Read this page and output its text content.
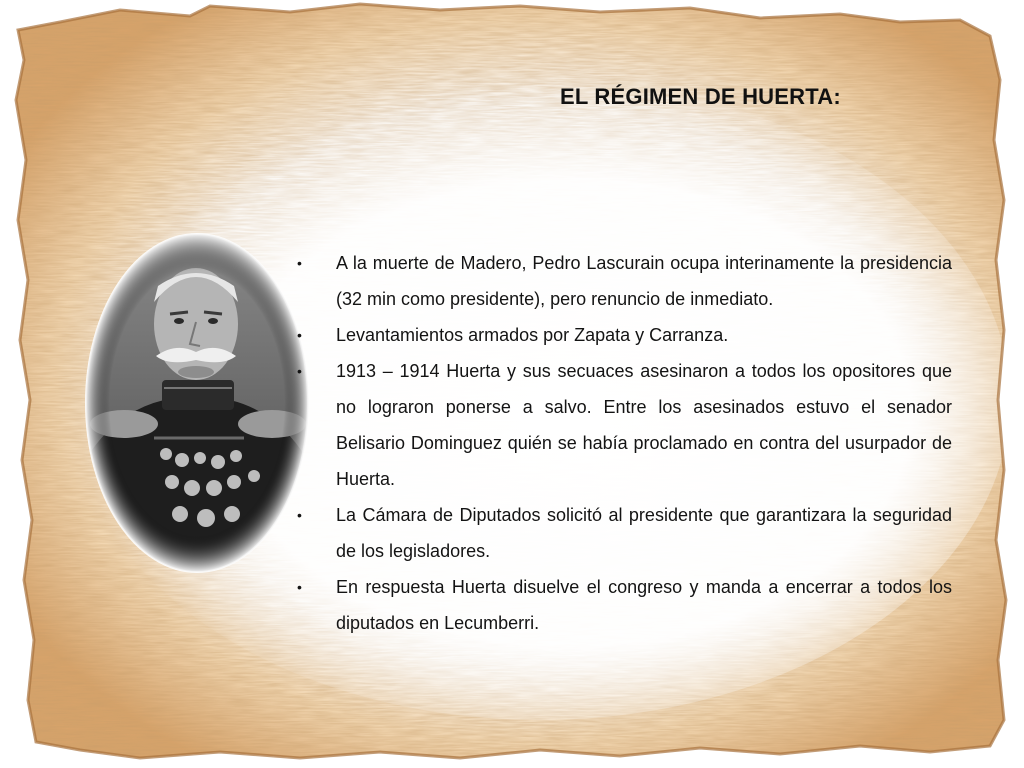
EL RÉGIMEN DE HUERTA:
• A la muerte de Madero, Pedro Lascurain ocupa interinamente la presidencia (32 min como presidente), pero renuncio de inmediato.
• Levantamientos armados por Zapata y Carranza.
• 1913 – 1914 Huerta y sus secuaces asesinaron a todos los opositores que no lograron ponerse a salvo. Entre los asesinados estuvo el senador Belisario Dominguez quién se había proclamado en contra del usurpador de Huerta.
• La Cámara de Diputados solicitó al presidente que garantizara la seguridad de los legisladores.
• En respuesta Huerta disuelve el congreso y manda a encerrar a todos los diputados en Lecumberri.
